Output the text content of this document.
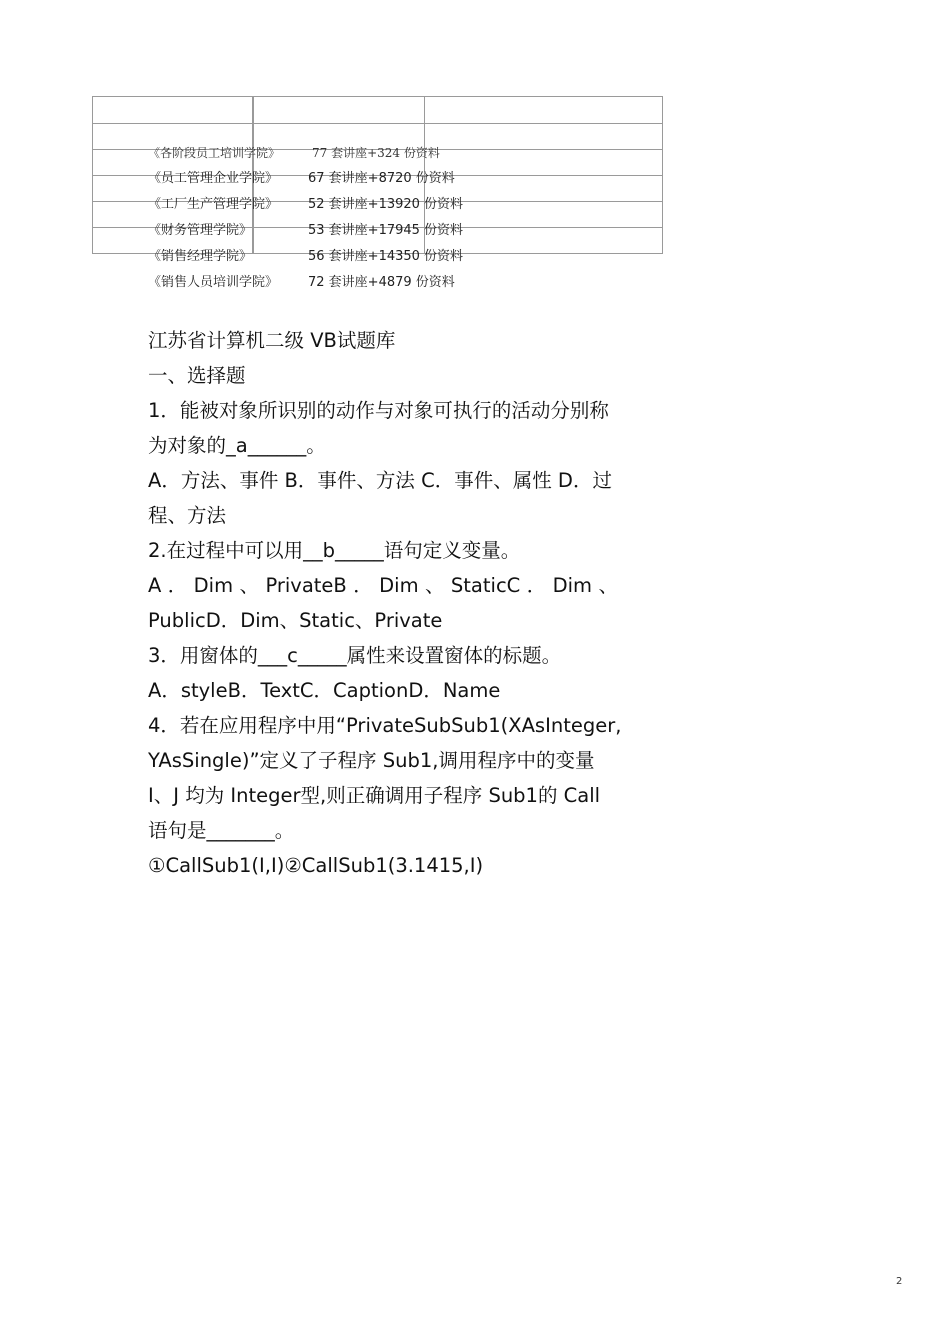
《各阶段员工培训学院》	77 套讲座+324 份资料
《员工管理企业学院》 67 套讲座+8720 份资料
《工厂生产管理学院》 52 套讲座+13920 份资料
《财务管理学院》	53 套讲座+17945 份资料
《销售经理学院》	56 套讲座+14350 份资料
《销售人员培训学院》 72 套讲座+4879 份资料

江苏省计算机二级 VB试题库

一、选择题

1．能被对象所识别的动作与对象可执行的活动分别称

为对象的_a______。

A．方法、事件 B．事件、方法 C．事件、属性 D．过

程、方法

2.在过程中可以用__b_____语句定义变量。

A ． Dim 、 PrivateB ． Dim 、 StaticC ． Dim 、

PublicD．Dim、Static、Private

3．用窗体的___c_____属性来设置窗体的标题。

A．styleB．TextC．CaptionD．Name

4．若在应用程序中用“PrivateSubSub1(XAsInteger,

YAsSingle)”定义了子程序 Sub1,调用程序中的变量

I、J 均为 Integer型,则正确调用子程序 Sub1的 Call

语句是_______。

①CallSub1(I,I)②CallSub1(3.1415,I)

2
